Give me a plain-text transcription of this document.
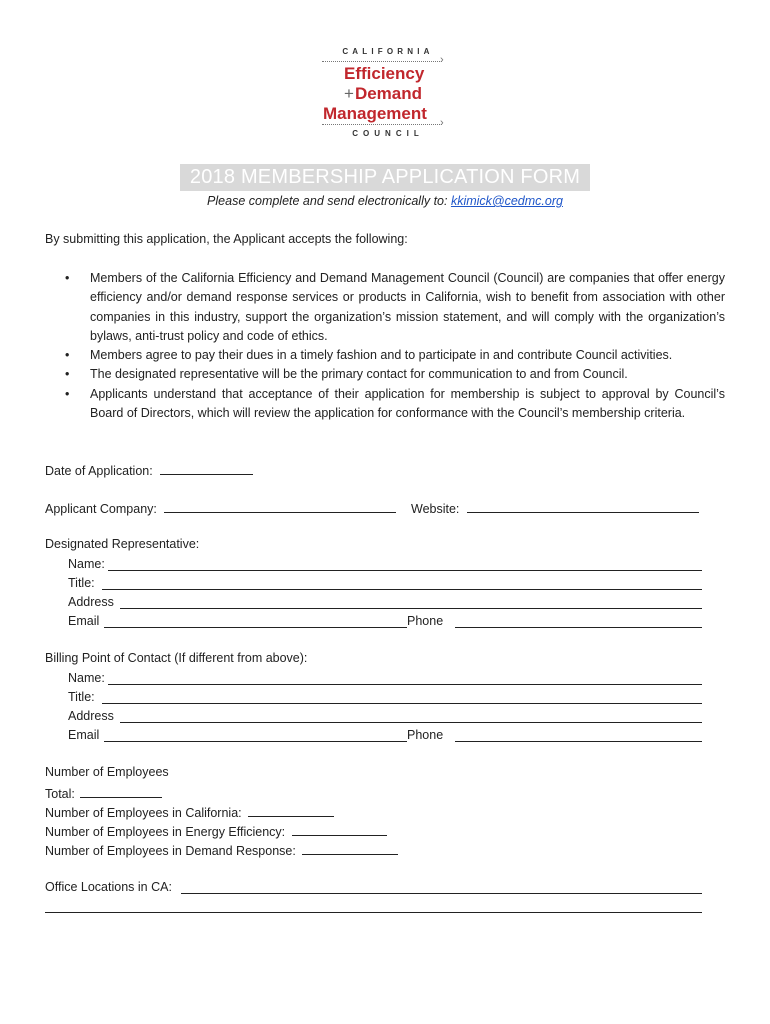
CALIFORNIA
›
Efficiency
+Demand
Management ›
COUNCIL
2018 MEMBERSHIP APPLICATION FORM
Please complete and send electronically to: kkimick@cedmc.org
By submitting this application, the Applicant accepts the following:
• Members of the California Efficiency and Demand Management Council (Council) are companies that offer energy efficiency and/or demand response services or products in California, wish to benefit from association with other companies in this industry, support the organization’s mission statement, and will comply with the organization’s bylaws, anti-trust policy and code of ethics.
• Members agree to pay their dues in a timely fashion and to participate in and contribute Council activities.
• The designated representative will be the primary contact for communication to and from Council.
• Applicants understand that acceptance of their application for membership is subject to approval by Council’s Board of Directors, which will review the application for conformance with the Council’s membership criteria.
Date of Application:
Applicant Company:	Website:
Designated Representative:
Name:
Title:
Address
Email	Phone
Billing Point of Contact (If different from above):
Name:
Title:
Address
Email	Phone
Number of Employees
Total:
Number of Employees in California:
Number of Employees in Energy Efficiency:
Number of Employees in Demand Response:
Office Locations in CA:
